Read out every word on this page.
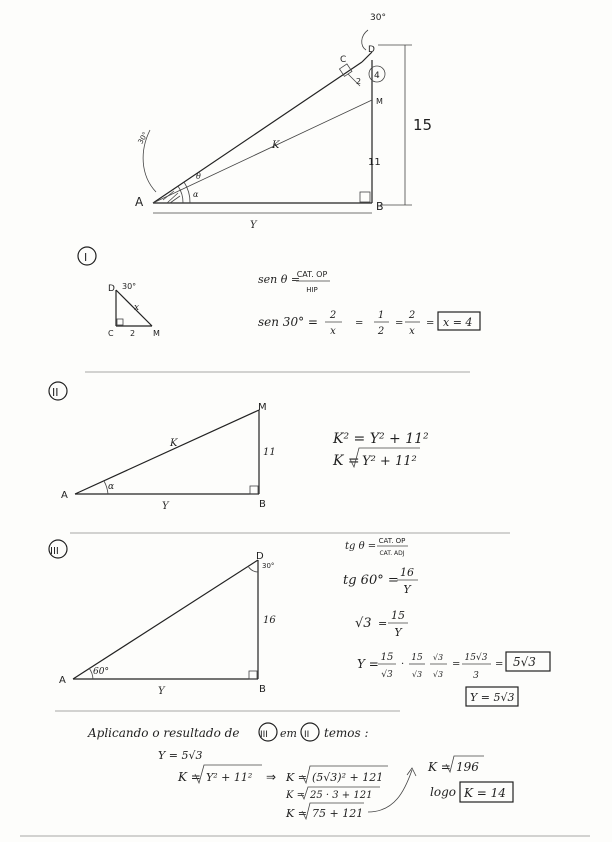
A	B
C
D
M
30°
30°
K
Y
11
2
4
15
θ
α
I
D 30°
x
C 2 M
sen θ =
CAT. OP
HIP
sen 30° = 2
x
=
1
2
=
2
x
= x = 4
II
M
A
B
K
11
Y
α
K² = Y² + 11²
K = Y² + 11²
III	D
30°
A
B
16
Y
60°
tg θ = CAT. OP
CAT. ADJ
tg 60° =
16
Y
√3 =
15
Y
Y = 15
√3
·
15
√3
√3
√3
=
15√3
3
= 5√3
Y = 5√3
Aplicando o resultado de III em II temos :
Y = 5√3
K = Y² + 11² ⇒ K = (5√3)² + 121
K = 25 · 3 + 121
K = 75 + 121
K = 196
logo K = 14
